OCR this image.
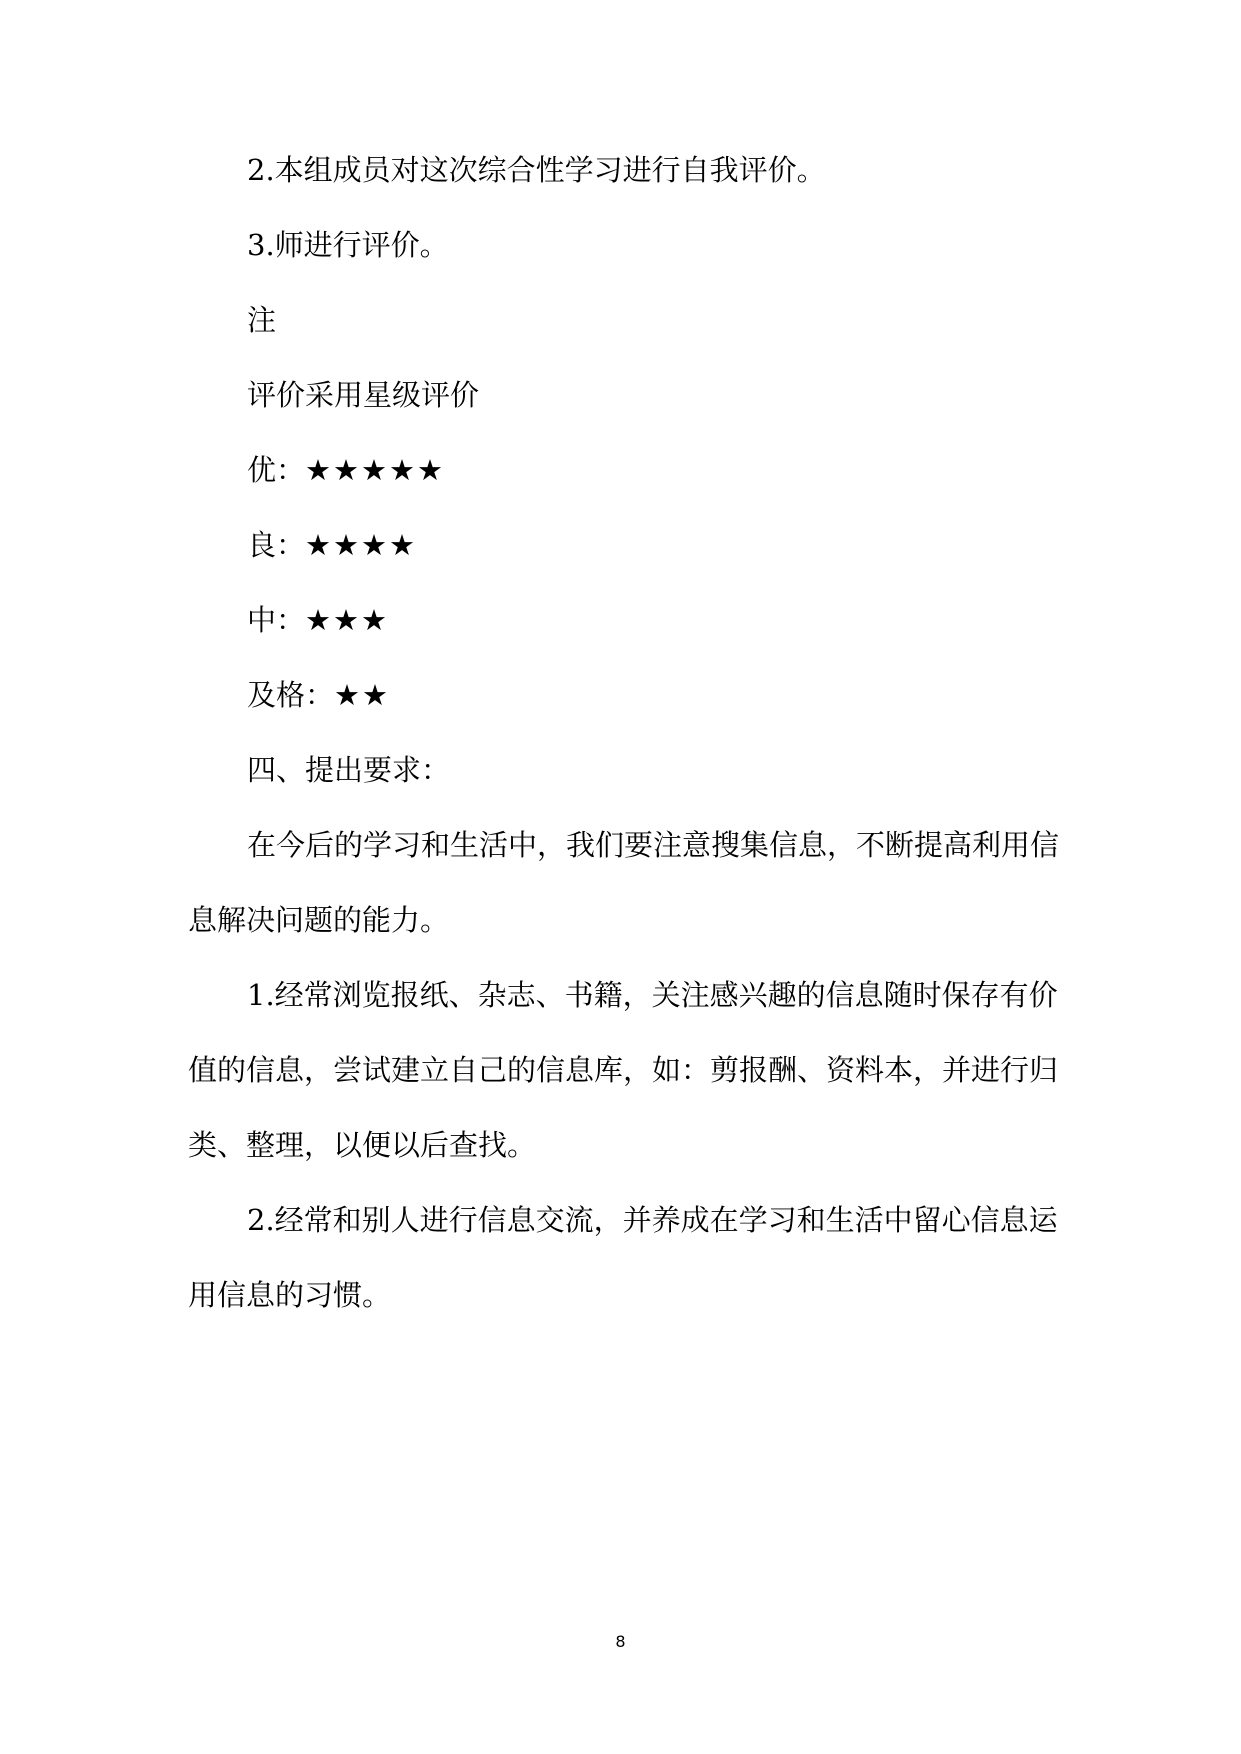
2.本组成员对这次综合性学习进行自我评价。
3.师进行评价。
注
评价采用星级评价
优：★★★★★
良：★★★★
中：★★★
及格：★★
四、提出要求：
在今后的学习和生活中，我们要注意搜集信息，不断提高利用信
息解决问题的能力。
1.经常浏览报纸、杂志、书籍，关注感兴趣的信息随时保存有价
值的信息，尝试建立自己的信息库，如：剪报酬、资料本，并进行归
类、整理，以便以后查找。
2.经常和别人进行信息交流，并养成在学习和生活中留心信息运
用信息的习惯。
8
